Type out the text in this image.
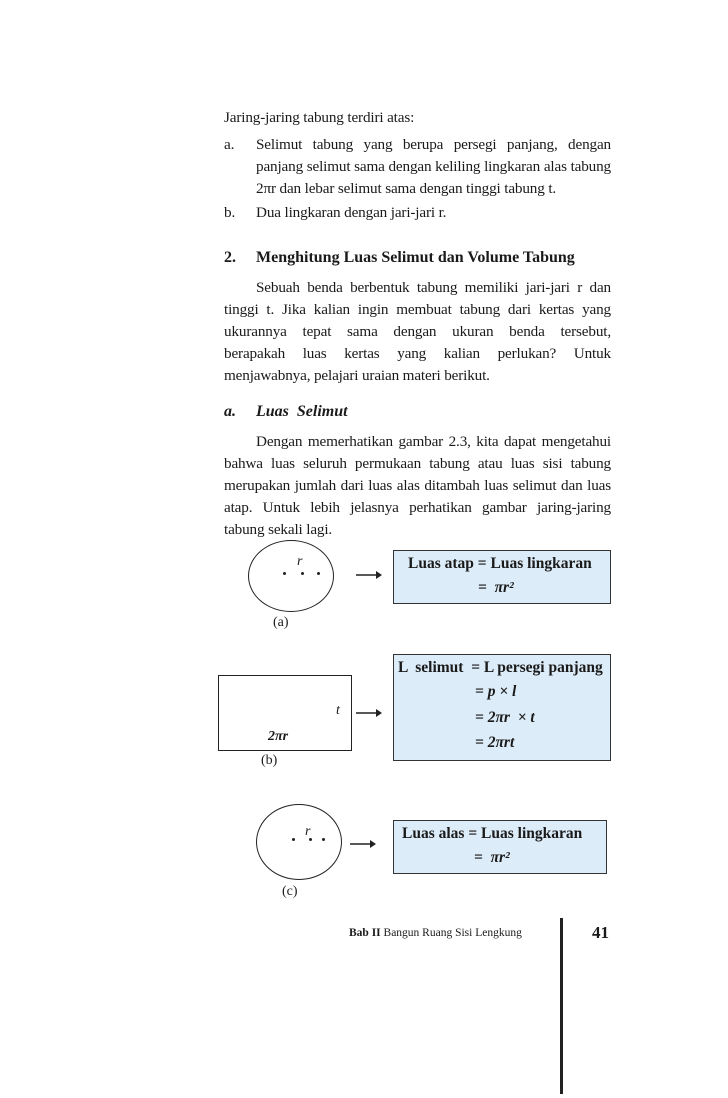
Jaring-jaring tabung terdiri atas:
a. Selimut tabung yang berupa persegi panjang, dengan
panjang selimut sama dengan keliling lingkaran alas tabung
2πr dan lebar selimut sama dengan tinggi tabung t.
b. Dua lingkaran dengan jari-jari r.
2. Menghitung Luas Selimut dan Volume Tabung
Sebuah benda berbentuk tabung memiliki jari-jari r dan
tinggi t. Jika kalian ingin membuat tabung dari kertas yang
ukurannya tepat sama dengan ukuran benda tersebut,
berapakah luas kertas yang kalian perlukan? Untuk
menjawabnya, pelajari uraian materi berikut.
a. Luas  Selimut
Dengan memerhatikan gambar 2.3, kita dapat mengetahui
bahwa luas seluruh permukaan tabung atau luas sisi tabung
merupakan jumlah dari luas alas ditambah luas selimut dan luas
atap. Untuk lebih jelasnya perhatikan gambar jaring-jaring
tabung sekali lagi.
r	Luas atap = Luas lingkaran
=  πr²
(a)
t
2πr
L  selimut  = L persegi panjang
= p × l
= 2πr  × t
= 2πrt
(b)
r	Luas alas = Luas lingkaran
=  πr²
(c)
Bab II Bangun Ruang Sisi Lengkung	41
